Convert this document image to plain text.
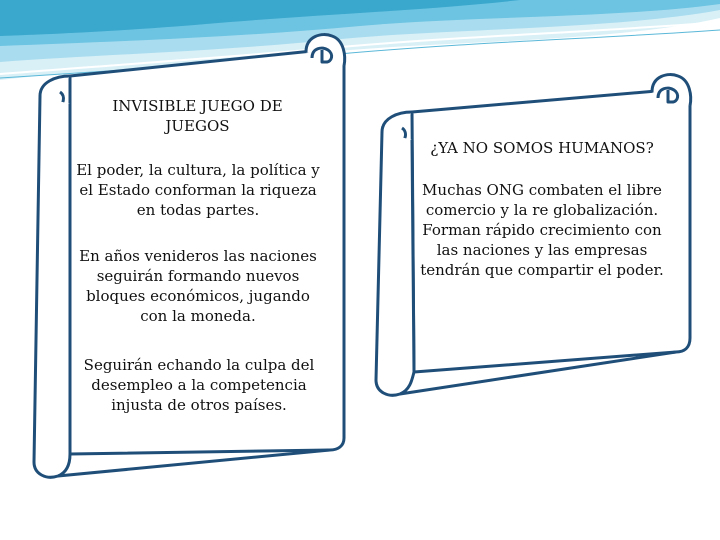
INVISIBLE JUEGO DE JUEGOS
El poder, la cultura, la política y el Estado conforman la riqueza en todas partes.
En años venideros las naciones seguirán formando nuevos bloques económicos, jugando con la moneda.
Seguirán echando la culpa del desempleo a la competencia injusta de otros países.
¿YA NO SOMOS HUMANOS?

Muchas ONG combaten el libre comercio y la re globalización.

Forman rápido crecimiento con las naciones y las empresas tendrán que compartir el poder.
